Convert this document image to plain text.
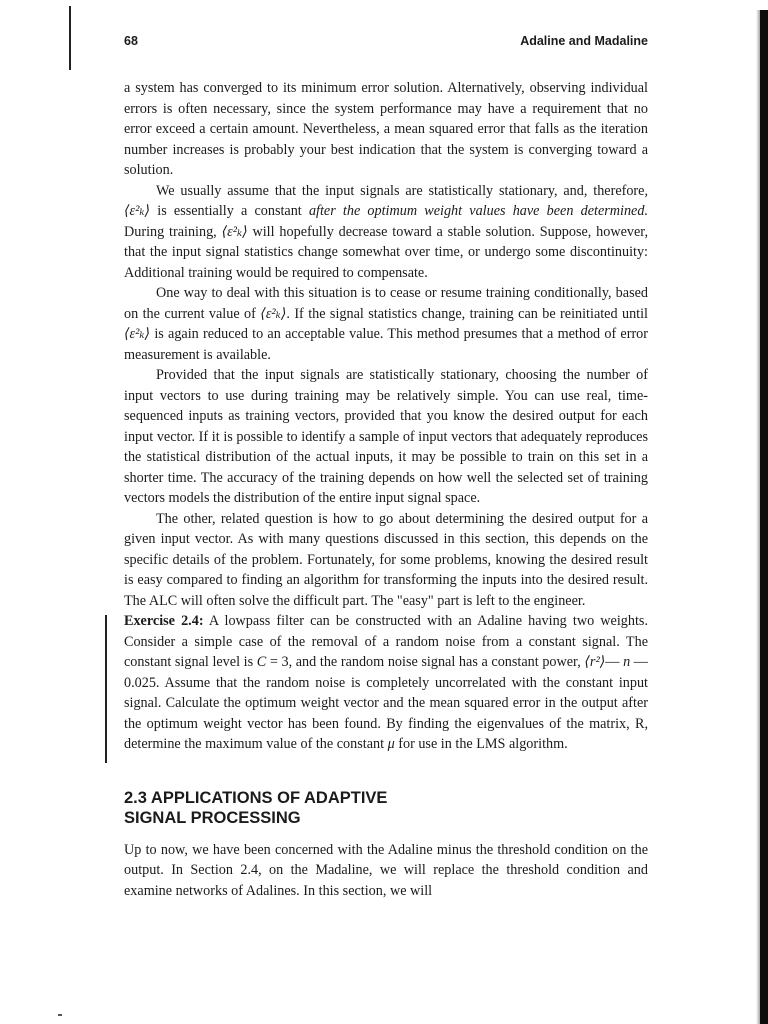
68	Adaline and Madaline

a system has converged to its minimum error solution. Alternatively, observing individual errors is often necessary, since the system performance may have a requirement that no error exceed a certain amount. Nevertheless, a mean squared error that falls as the iteration number increases is probably your best indication that the system is converging toward a solution.

We usually assume that the input signals are statistically stationary, and, therefore, ⟨ε²ₖ⟩ is essentially a constant after the optimum weight values have been determined. During training, ⟨ε²ₖ⟩ will hopefully decrease toward a stable solution. Suppose, however, that the input signal statistics change somewhat over time, or undergo some discontinuity: Additional training would be required to compensate.

One way to deal with this situation is to cease or resume training conditionally, based on the current value of ⟨ε²ₖ⟩. If the signal statistics change, training can be reinitiated until ⟨ε²ₖ⟩ is again reduced to an acceptable value. This method presumes that a method of error measurement is available.

Provided that the input signals are statistically stationary, choosing the number of input vectors to use during training may be relatively simple. You can use real, time-sequenced inputs as training vectors, provided that you know the desired output for each input vector. If it is possible to identify a sample of input vectors that adequately reproduces the statistical distribution of the actual inputs, it may be possible to train on this set in a shorter time. The accuracy of the training depends on how well the selected set of training vectors models the distribution of the entire input signal space.

The other, related question is how to go about determining the desired output for a given input vector. As with many questions discussed in this section, this depends on the specific details of the problem. Fortunately, for some problems, knowing the desired result is easy compared to finding an algorithm for transforming the inputs into the desired result. The ALC will often solve the difficult part. The "easy" part is left to the engineer.

Exercise 2.4: A lowpass filter can be constructed with an Adaline having two weights. Consider a simple case of the removal of a random noise from a constant signal. The constant signal level is C = 3, and the random noise signal has a constant power, ⟨r²⟩— n — 0.025. Assume that the random noise is completely uncorrelated with the constant input signal. Calculate the optimum weight vector and the mean squared error in the output after the optimum weight vector has been found. By finding the eigenvalues of the matrix, R, determine the maximum value of the constant μ for use in the LMS algorithm.

2.3 APPLICATIONS OF ADAPTIVE
SIGNAL PROCESSING

Up to now, we have been concerned with the Adaline minus the threshold condition on the output. In Section 2.4, on the Madaline, we will replace the threshold condition and examine networks of Adalines. In this section, we will
